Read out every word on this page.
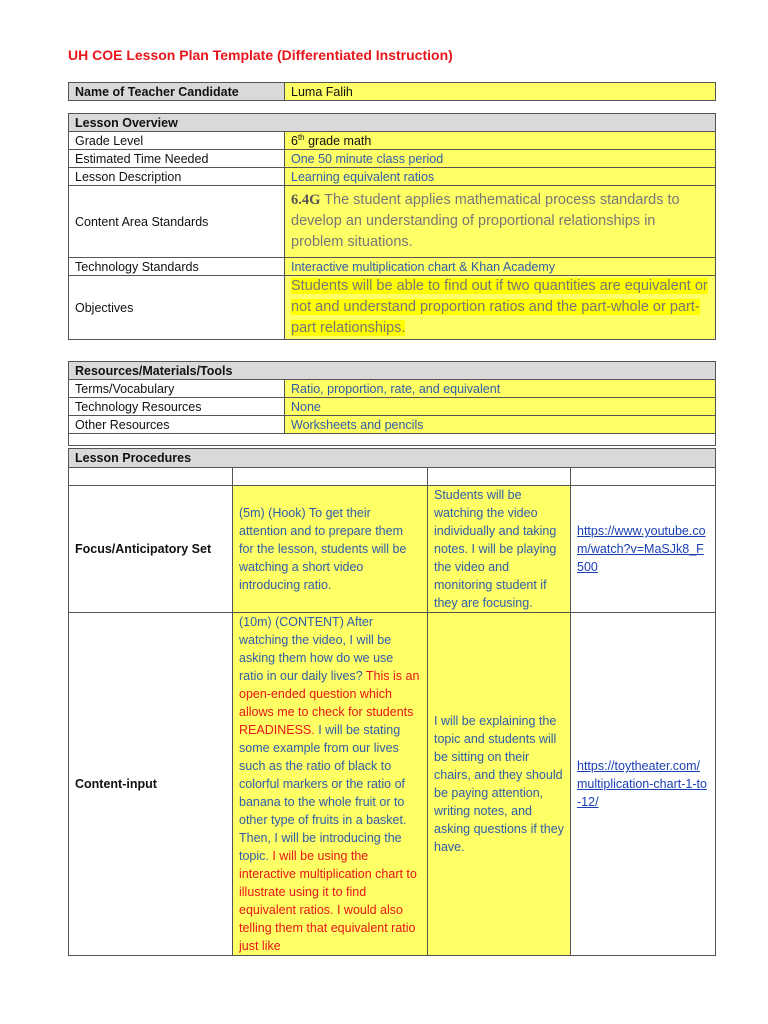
UH COE Lesson Plan Template (Differentiated Instruction)
Name of Teacher Candidate	Luma Falih
Lesson Overview	
Grade Level	6th grade math
Estimated Time Needed	One 50 minute class period
Lesson Description	Learning equivalent ratios
Content Area Standards	6.4G The student applies mathematical process standards to develop an understanding of proportional relationships in problem situations.
Technology Standards	Interactive multiplication chart & Khan Academy
Objectives	Students will be able to find out if two quantities are equivalent or not and understand proportion ratios and the part-whole or part-part relationships.
Resources/Materials/Tools	
Terms/Vocabulary	Ratio, proportion, rate, and equivalent
Technology Resources	None
Other Resources	Worksheets and pencils

Lesson Procedures			

Focus/Anticipatory Set	(5m) (Hook) To get their attention and to prepare them for the lesson, students will be watching a short video introducing ratio.	Students will be watching the video individually and taking notes. I will be playing the video and monitoring student if they are focusing.	https://www.youtube.com/watch?v=MaSJk8_F500
Content-input	(10m) (CONTENT) After watching the video, I will be asking them how do we use ratio in our daily lives? This is an open-ended question which allows me to check for students READINESS. I will be stating some example from our lives such as the ratio of black to colorful markers or the ratio of banana to the whole fruit or to other type of fruits in a basket. Then, I will be introducing the topic. I will be using the interactive multiplication chart to illustrate using it to find equivalent ratios. I would also telling them that equivalent ratio just like	I will be explaining the topic and students will be sitting on their chairs, and they should be paying attention, writing notes, and asking questions if they have.	https://toytheater.com/multiplication-chart-1-to-12/
